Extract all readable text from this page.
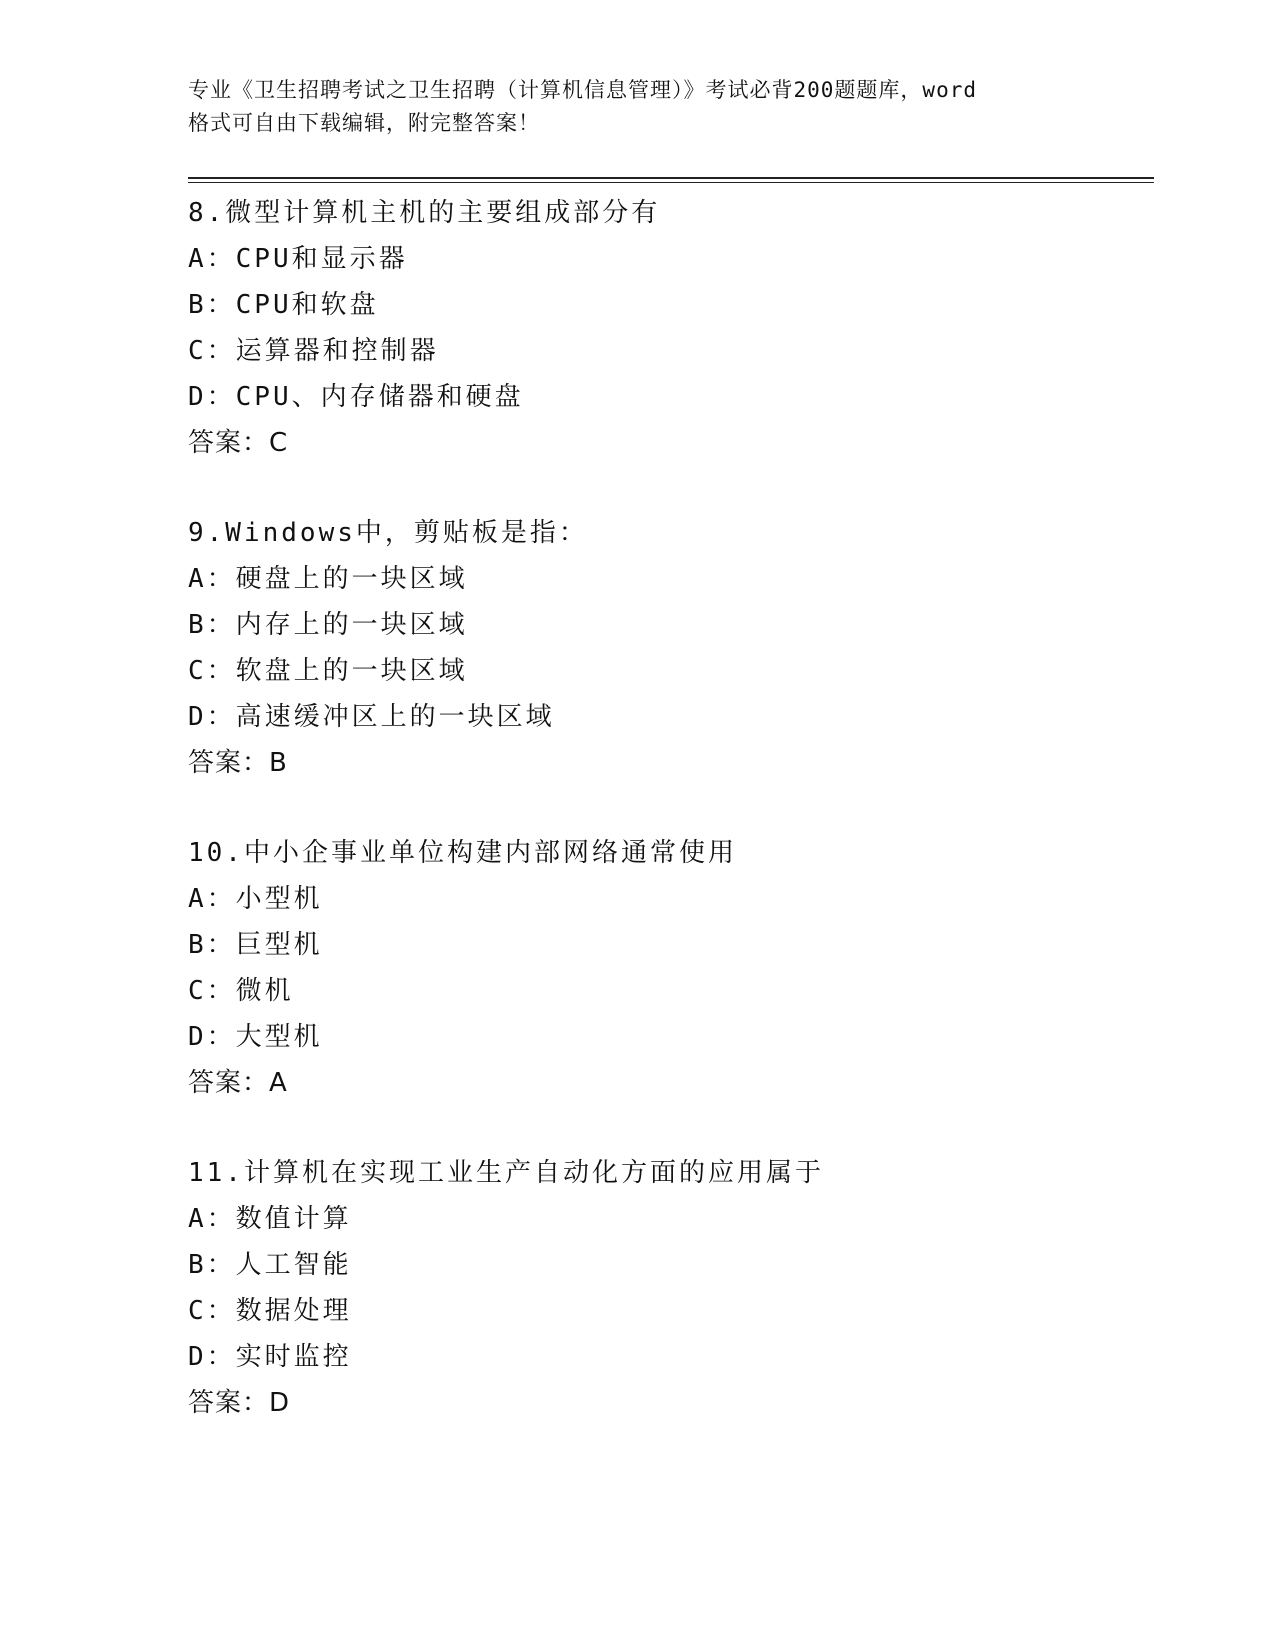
专业《卫生招聘考试之卫生招聘（计算机信息管理）》考试必背200题题库，word
格式可自由下载编辑，附完整答案！
8.微型计算机主机的主要组成部分有
A：CPU和显示器
B：CPU和软盘
C：运算器和控制器
D：CPU、内存储器和硬盘
答案：C
9.Windows中，剪贴板是指：
A：硬盘上的一块区域
B：内存上的一块区域
C：软盘上的一块区域
D：高速缓冲区上的一块区域
答案：B
10.中小企事业单位构建内部网络通常使用
A：小型机
B：巨型机
C：微机
D：大型机
答案：A
11.计算机在实现工业生产自动化方面的应用属于
A：数值计算
B：人工智能
C：数据处理
D：实时监控
答案：D
